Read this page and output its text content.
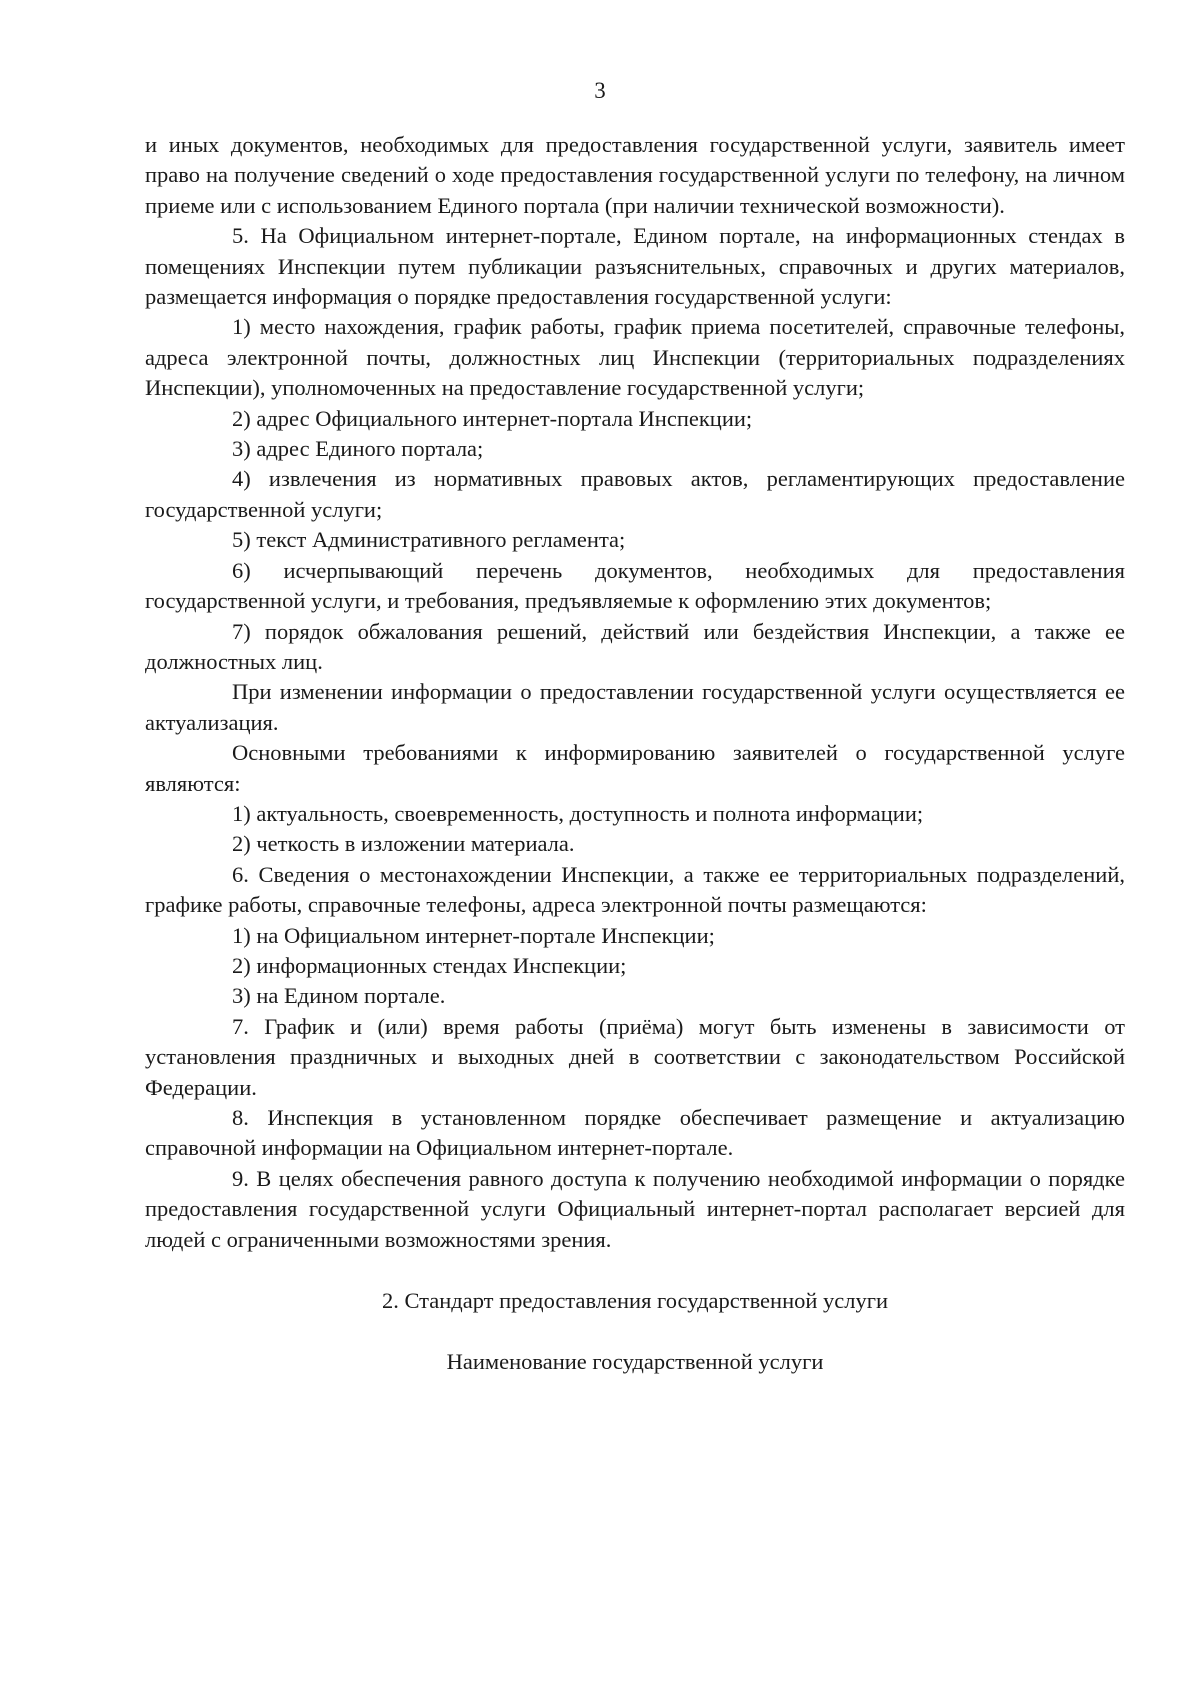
3

и иных документов, необходимых для предоставления государственной услуги, заявитель имеет право на получение сведений о ходе предоставления государственной услуги по телефону, на личном приеме или с использованием Единого портала (при наличии технической возможности).

5. На Официальном интернет-портале, Едином портале, на информационных стендах в помещениях Инспекции путем публикации разъяснительных, справочных и других материалов, размещается информация о порядке предоставления государственной услуги:

1) место нахождения, график работы, график приема посетителей, справочные телефоны, адреса электронной почты, должностных лиц Инспекции (территориальных подразделениях Инспекции), уполномоченных на предоставление государственной услуги;

2) адрес Официального интернет-портала Инспекции;

3) адрес Единого портала;

4) извлечения из нормативных правовых актов, регламентирующих предоставление государственной услуги;

5) текст Административного регламента;

6) исчерпывающий перечень документов, необходимых для предоставления государственной услуги, и требования, предъявляемые к оформлению этих документов;

7) порядок обжалования решений, действий или бездействия Инспекции, а также ее должностных лиц.

При изменении информации о предоставлении государственной услуги осуществляется ее актуализация.

Основными требованиями к информированию заявителей о государственной услуге являются:

1) актуальность, своевременность, доступность и полнота информации;

2) четкость в изложении материала.

6. Сведения о местонахождении Инспекции, а также ее территориальных подразделений, графике работы, справочные телефоны, адреса электронной почты размещаются:

1) на Официальном интернет-портале Инспекции;

2) информационных стендах Инспекции;

3) на Едином портале.

7. График и (или) время работы (приёма) могут быть изменены в зависимости от установления праздничных и выходных дней в соответствии с законодательством Российской Федерации.

8. Инспекция в установленном порядке обеспечивает размещение и актуализацию справочной информации на Официальном интернет-портале.

9. В целях обеспечения равного доступа к получению необходимой информации о порядке предоставления государственной услуги Официальный интернет-портал располагает версией для людей с ограниченными возможностями зрения.

2. Стандарт предоставления государственной услуги

Наименование государственной услуги
